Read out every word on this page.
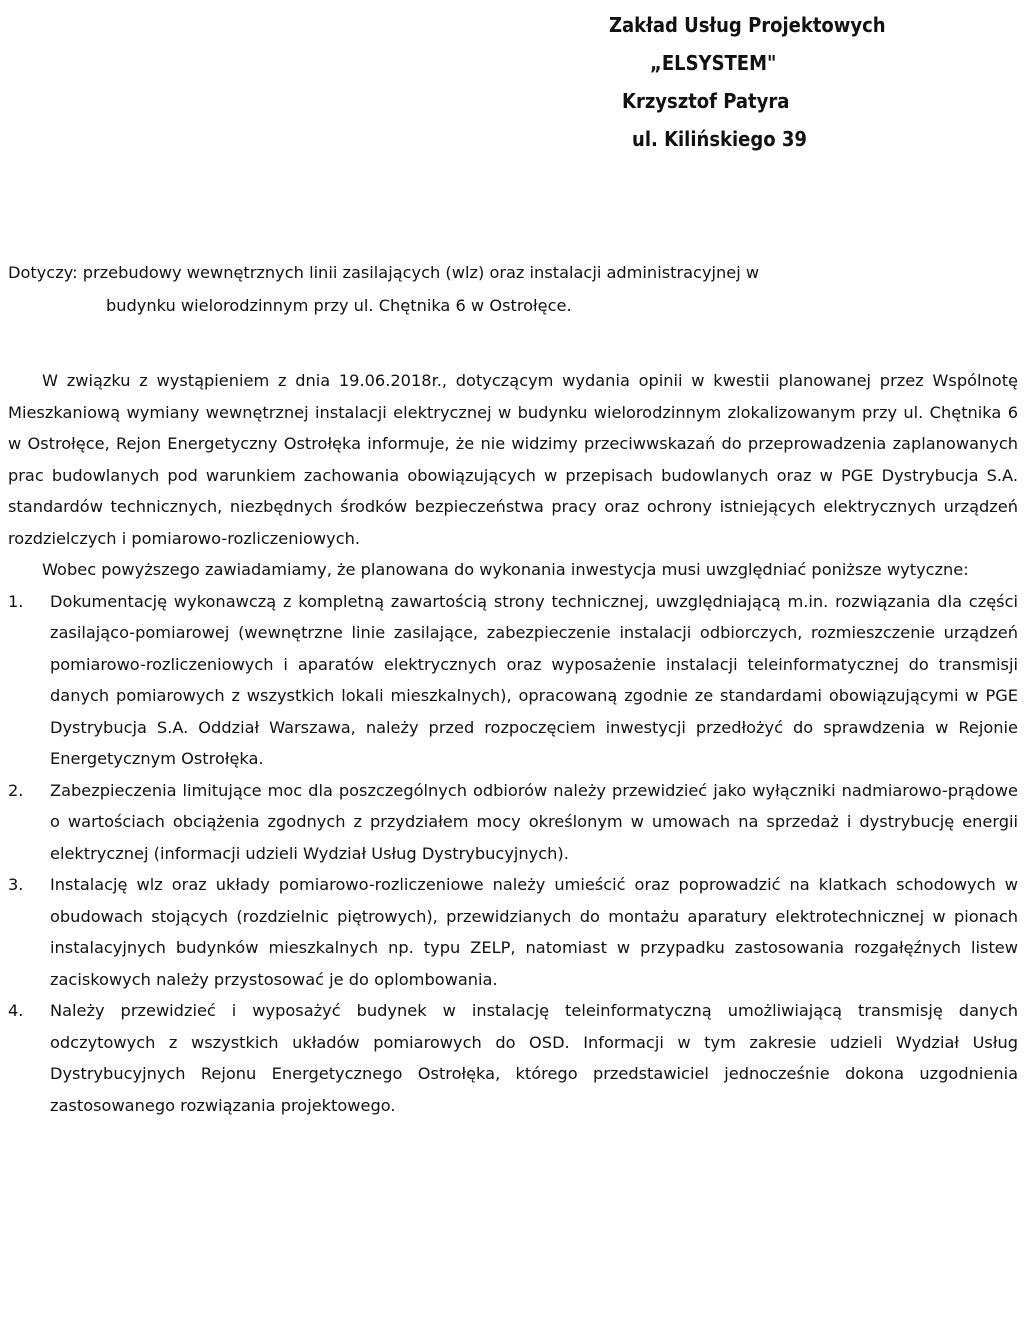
Zakład Usług Projektowych
„ELSYSTEM"
Krzysztof Patyra
ul. Kilińskiego 39
Dotyczy: przebudowy wewnętrznych linii zasilających (wlz) oraz instalacji administracyjnej w
budynku wielorodzinnym przy ul. Chętnika 6 w Ostrołęce.

W związku z wystąpieniem z dnia 19.06.2018r., dotyczącym wydania opinii w kwestii planowanej przez Wspólnotę Mieszkaniową wymiany wewnętrznej instalacji elektrycznej w budynku wielorodzinnym zlokalizowanym przy ul. Chętnika 6 w Ostrołęce, Rejon Energetyczny Ostrołęka informuje, że nie widzimy przeciwwskazań do przeprowadzenia zaplanowanych prac budowlanych pod warunkiem zachowania obowiązujących w przepisach budowlanych oraz w PGE Dystrybucja S.A. standardów technicznych, niezbędnych środków bezpieczeństwa pracy oraz ochrony istniejących elektrycznych urządzeń rozdzielczych i pomiarowo-rozliczeniowych.

Wobec powyższego zawiadamiamy, że planowana do wykonania inwestycja musi uwzględniać poniższe wytyczne:

1. Dokumentację wykonawczą z kompletną zawartością strony technicznej, uwzględniającą m.in. rozwiązania dla części zasilająco-pomiarowej (wewnętrzne linie zasilające, zabezpieczenie instalacji odbiorczych, rozmieszczenie urządzeń pomiarowo-rozliczeniowych i aparatów elektrycznych oraz wyposażenie instalacji teleinformatycznej do transmisji danych pomiarowych z wszystkich lokali mieszkalnych), opracowaną zgodnie ze standardami obowiązującymi w PGE Dystrybucja S.A. Oddział Warszawa, należy przed rozpoczęciem inwestycji przedłożyć do sprawdzenia w Rejonie Energetycznym Ostrołęka.
2. Zabezpieczenia limitujące moc dla poszczególnych odbiorów należy przewidzieć jako wyłączniki nadmiarowo-prądowe o wartościach obciążenia zgodnych z przydziałem mocy określonym w umowach na sprzedaż i dystrybucję energii elektrycznej (informacji udzieli Wydział Usług Dystrybucyjnych).
3. Instalację wlz oraz układy pomiarowo-rozliczeniowe należy umieścić oraz poprowadzić na klatkach schodowych w obudowach stojących (rozdzielnic piętrowych), przewidzianych do montażu aparatury elektrotechnicznej w pionach instalacyjnych budynków mieszkalnych np. typu ZELP, natomiast w przypadku zastosowania rozgałęźnych listew zaciskowych należy przystosować je do oplombowania.
4. Należy przewidzieć i wyposażyć budynek w instalację teleinformatyczną umożliwiającą transmisję danych odczytowych z wszystkich układów pomiarowych do OSD. Informacji w tym zakresie udzieli Wydział Usług Dystrybucyjnych Rejonu Energetycznego Ostrołęka, którego przedstawiciel jednocześnie dokona uzgodnienia zastosowanego rozwiązania projektowego.
